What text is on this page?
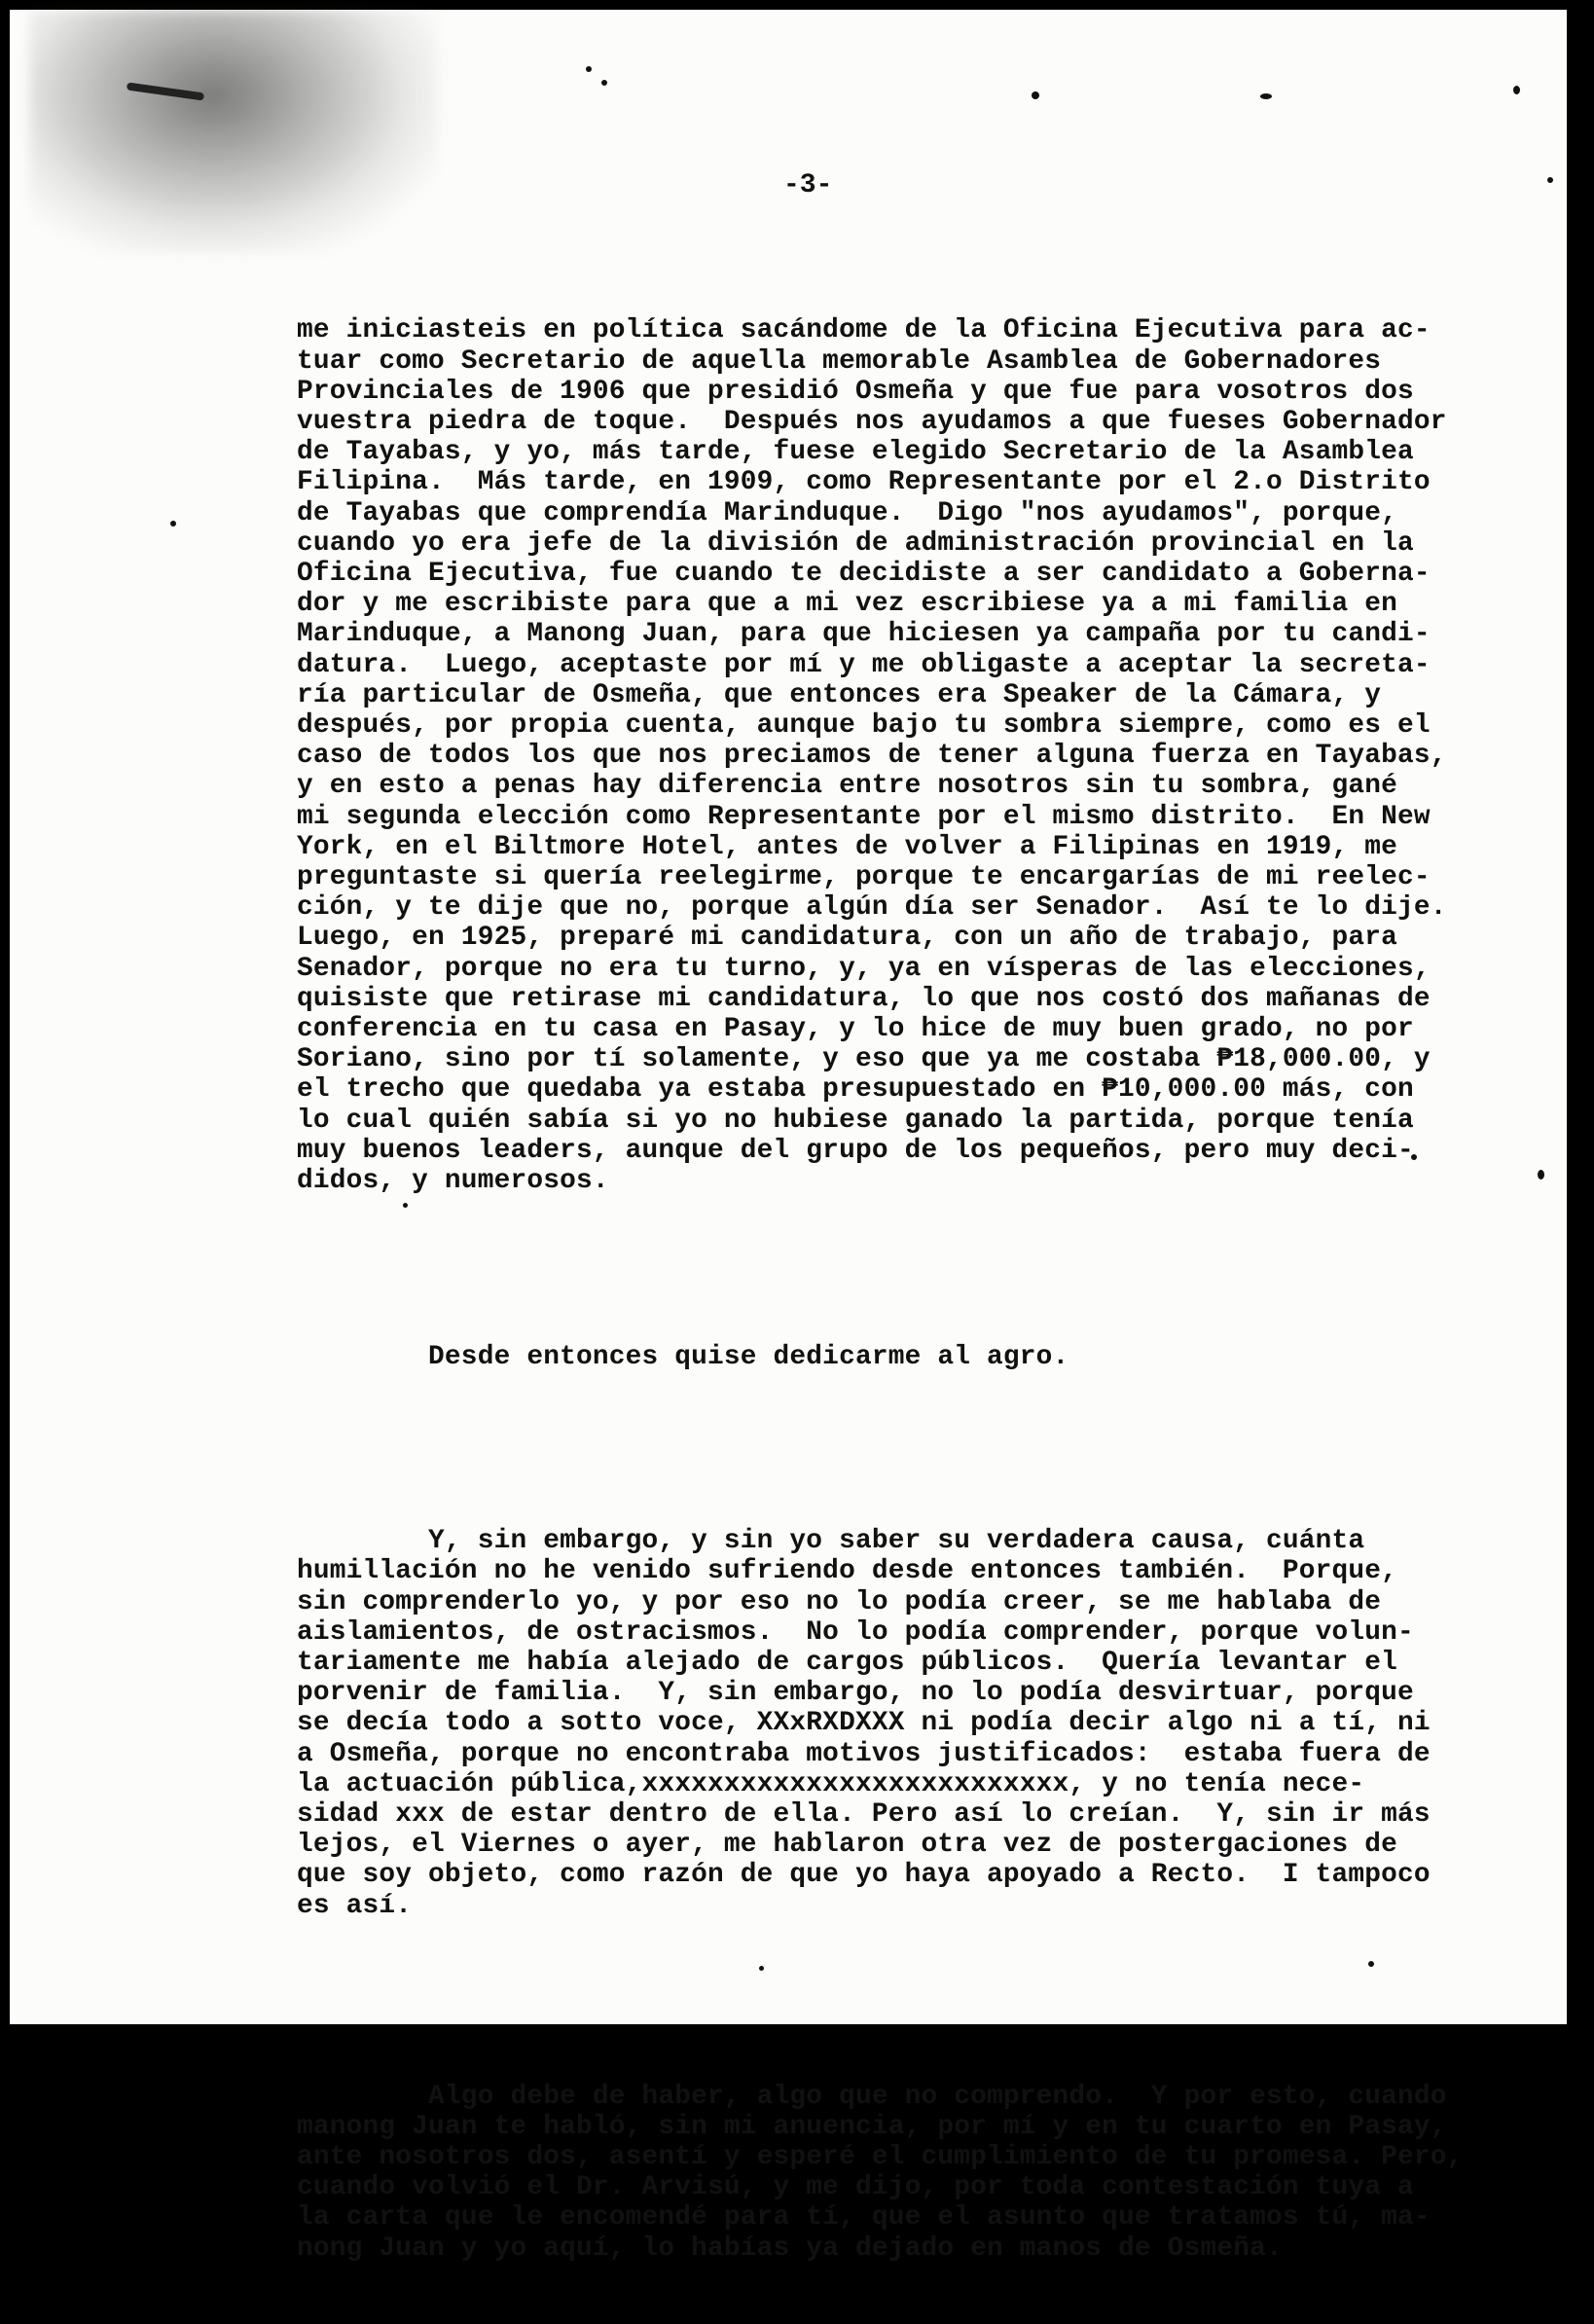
-3-

me iniciasteis en política sacándome de la Oficina Ejecutiva para ac-
tuar como Secretario de aquella memorable Asamblea de Gobernadores
Provinciales de 1906 que presidió Osmeña y que fue para vosotros dos
vuestra piedra de toque.  Después nos ayudamos a que fueses Gobernador
de Tayabas, y yo, más tarde, fuese elegido Secretario de la Asamblea
Filipina.  Más tarde, en 1909, como Representante por el 2.o Distrito
de Tayabas que comprendía Marinduque.  Digo "nos ayudamos", porque,
cuando yo era jefe de la división de administración provincial en la
Oficina Ejecutiva, fue cuando te decidiste a ser candidato a Goberna-
dor y me escribiste para que a mi vez escribiese ya a mi familia en
Marinduque, a Manong Juan, para que hiciesen ya campaña por tu candi-
datura.  Luego, aceptaste por mí y me obligaste a aceptar la secreta-
ría particular de Osmeña, que entonces era Speaker de la Cámara, y
después, por propia cuenta, aunque bajo tu sombra siempre, como es el
caso de todos los que nos preciamos de tener alguna fuerza en Tayabas,
y en esto a penas hay diferencia entre nosotros sin tu sombra, gané
mi segunda elección como Representante por el mismo distrito.  En New
York, en el Biltmore Hotel, antes de volver a Filipinas en 1919, me
preguntaste si quería reelegirme, porque te encargarías de mi reelec-
ción, y te dije que no, porque algún día ser Senador.  Así te lo dije.
Luego, en 1925, preparé mi candidatura, con un año de trabajo, para
Senador, porque no era tu turno, y, ya en vísperas de las elecciones,
quisiste que retirase mi candidatura, lo que nos costó dos mañanas de
conferencia en tu casa en Pasay, y lo hice de muy buen grado, no por
Soriano, sino por tí solamente, y eso que ya me costaba ₱18,000.00, y
el trecho que quedaba ya estaba presupuestado en ₱10,000.00 más, con
lo cual quién sabía si yo no hubiese ganado la partida, porque tenía
muy buenos leaders, aunque del grupo de los pequeños, pero muy deci-
didos, y numerosos.

Desde entonces quise dedicarme al agro.

Y, sin embargo, y sin yo saber su verdadera causa, cuánta
humillación no he venido sufriendo desde entonces también.  Porque,
sin comprenderlo yo, y por eso no lo podía creer, se me hablaba de
aislamientos, de ostracismos.  No lo podía comprender, porque volun-
tariamente me había alejado de cargos públicos.  Quería levantar el
porvenir de familia.  Y, sin embargo, no lo podía desvirtuar, porque
se decía todo a sotto voce, XXxRXDXXX ni podía decir algo ni a tí, ni
a Osmeña, porque no encontraba motivos justificados:  estaba fuera de
la actuación pública,xxxxxxxxxxxxxxxxxxxxxxxxxx, y no tenía nece-
sidad xxx de estar dentro de ella. Pero así lo creían.  Y, sin ir más
lejos, el Viernes o ayer, me hablaron otra vez de postergaciones de
que soy objeto, como razón de que yo haya apoyado a Recto.  I tampoco
es así.

Algo debe de haber, algo que no comprendo.  Y por esto, cuando
manong Juan te habló, sin mi anuencia, por mí y en tu cuarto en Pasay,
ante nosotros dos, asentí y esperé el cumplimiento de tu promesa. Pero,
cuando volvió el Dr. Arvisú, y me dijo, por toda contestación tuya a
la carta que le encomendé para tí, que el asunto que tratamos tú, ma-
nong Juan y yo aquí, lo habías ya dejado en manos de Osmeña.
